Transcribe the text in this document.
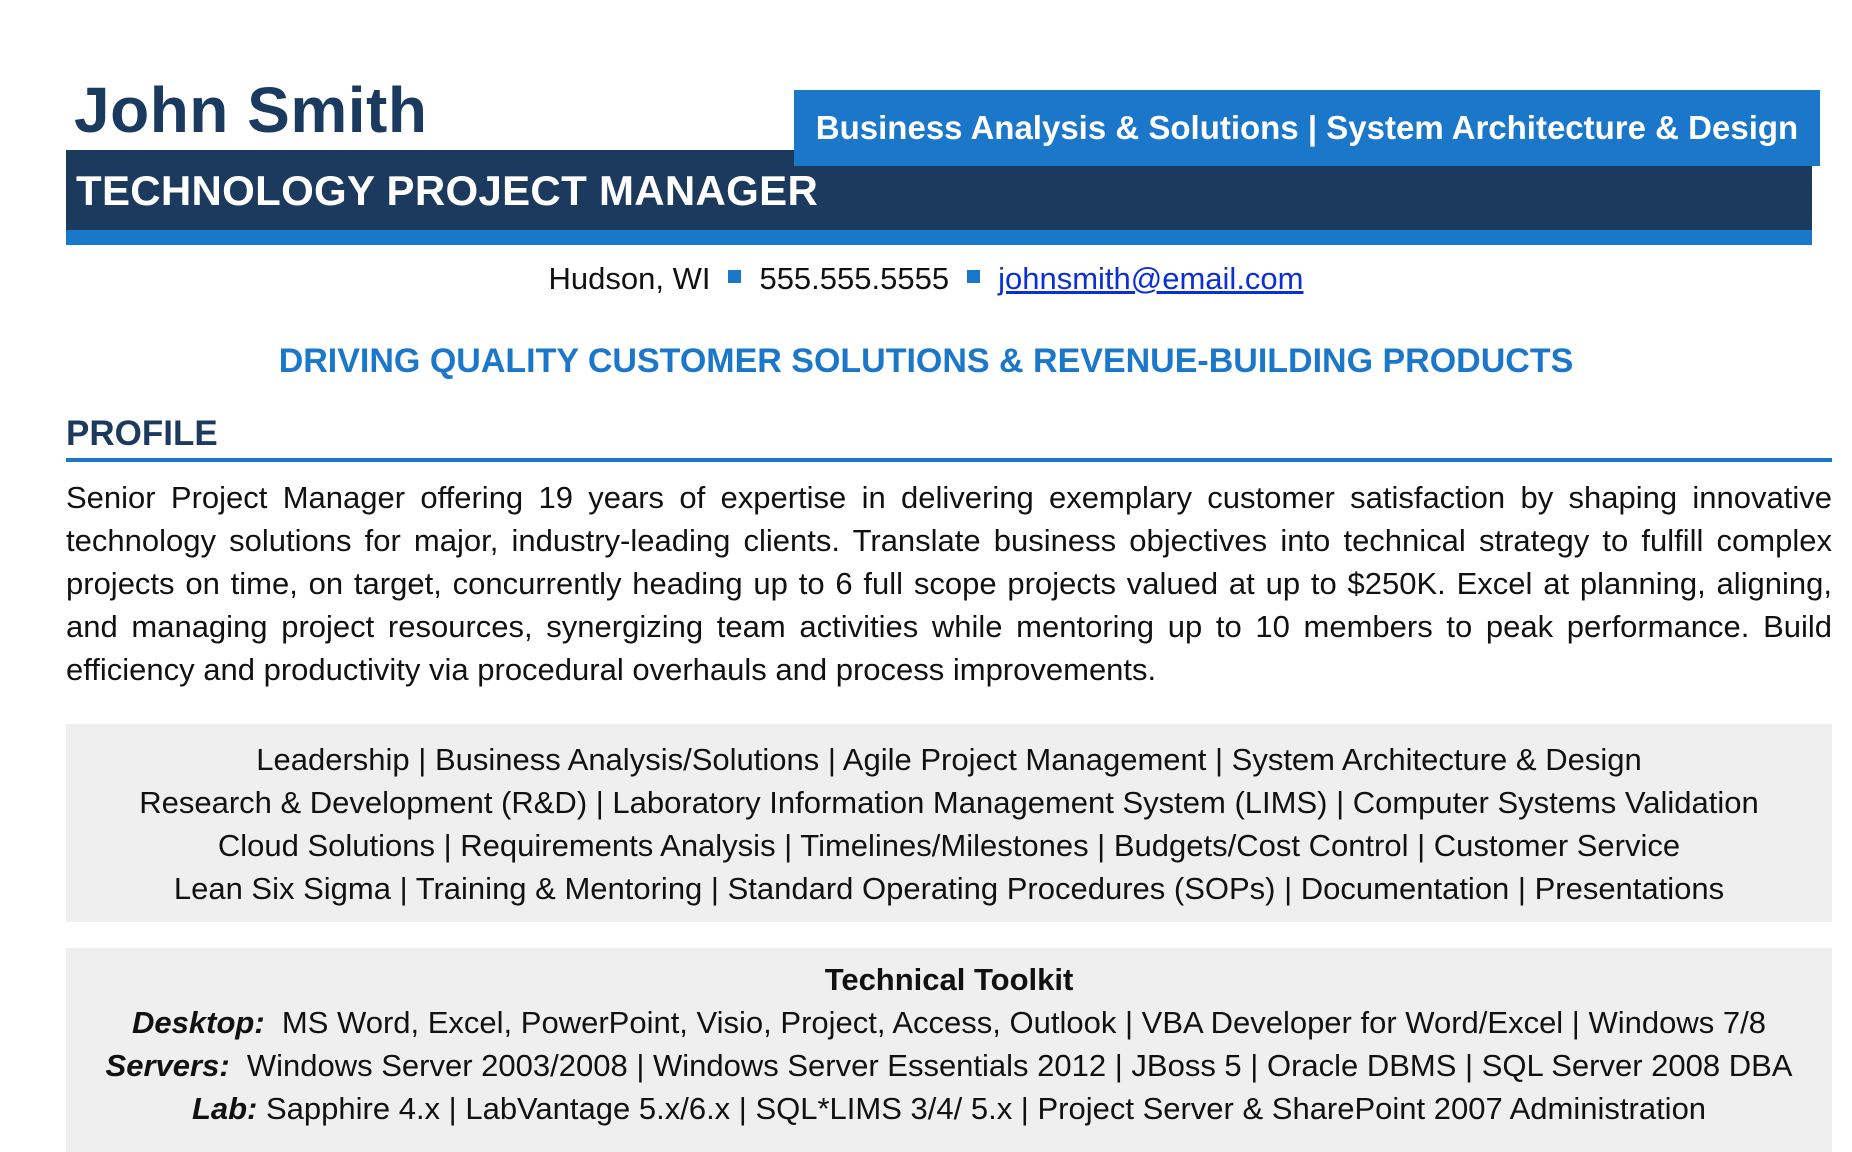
John Smith
TECHNOLOGY PROJECT MANAGER
Business Analysis & Solutions | System Architecture & Design
Hudson, WI 555.555.5555 johnsmith@email.com
DRIVING QUALITY CUSTOMER SOLUTIONS & REVENUE-BUILDING PRODUCTS
PROFILE
Senior Project Manager offering 19 years of expertise in delivering exemplary customer satisfaction by shaping innovative technology solutions for major, industry-leading clients. Translate business objectives into technical strategy to fulfill complex projects on time, on target, concurrently heading up to 6 full scope projects valued at up to $250K. Excel at planning, aligning, and managing project resources, synergizing team activities while mentoring up to 10 members to peak performance. Build efficiency and productivity via procedural overhauls and process improvements.
Leadership | Business Analysis/Solutions | Agile Project Management | System Architecture & Design
Research & Development (R&D) | Laboratory Information Management System (LIMS) | Computer Systems Validation
Cloud Solutions | Requirements Analysis | Timelines/Milestones | Budgets/Cost Control | Customer Service
Lean Six Sigma | Training & Mentoring | Standard Operating Procedures (SOPs) | Documentation | Presentations
Technical Toolkit
Desktop: MS Word, Excel, PowerPoint, Visio, Project, Access, Outlook | VBA Developer for Word/Excel | Windows 7/8
Servers: Windows Server 2003/2008 | Windows Server Essentials 2012 | JBoss 5 | Oracle DBMS | SQL Server 2008 DBA
Lab: Sapphire 4.x | LabVantage 5.x/6.x | SQL*LIMS 3/4/ 5.x | Project Server & SharePoint 2007 Administration
